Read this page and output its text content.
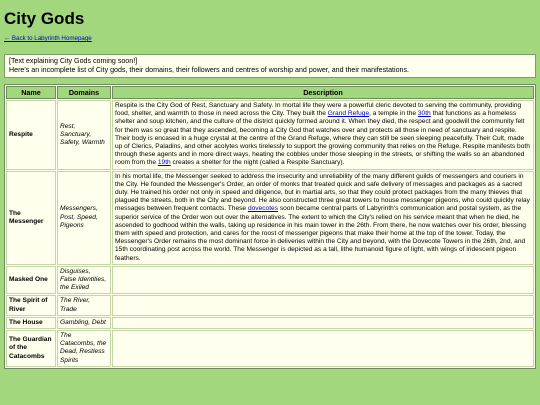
City Gods
← Back to Labyrinth Homepage
[Text explaining City Gods coming soon!]
Here's an incomplete list of City gods, their domains, their followers and centres of worship and power, and their manifestations.
Name	Domains	Description
Respite	Rest, Sanctuary, Safety, Warmth	Respite is the City God of Rest, Sanctuary and Safety. In mortal life they were a powerful cleric devoted to serving the community, providing food, shelter, and warmth to those in need across the City. They built the Grand Refuge, a temple in the 30th that functions as a homeless shelter and soup kitchen, and the culture of the district quickly formed around it. When they died, the respect and goodwill the community felt for them was so great that they ascended, becoming a City God that watches over and protects all those in need of sanctuary and respite. Their body is encased in a huge crystal at the centre of the Grand Refuge, where they can still be seen sleeping peacefully. Their Cult, made up of Clerics, Paladins, and other acolytes works tirelessly to support the growing community that relies on the Refuge. Respite manifests both through these agents and in more direct ways, heating the cobbles under those sleeping in the streets, or shifting the walls so an abandoned room from the 19th creates a shelter for the night (called a Respite Sanctuary).
The Messenger	Messengers, Post, Speed, Pigeons	In his mortal life, the Messenger seeked to address the insecurity and unreliability of the many different guilds of messengers and couriers in the City. He founded the Messenger's Order, an order of monks that treated quick and safe delivery of messages and packages as a sacred duty. He trained his order not only in speed and diligence, but in martial arts, so that they could protect packages from the many thieves that plagued the streets, both in the City and beyond. He also constructed three great towers to house messenger pigeons, who could quickly relay messages between frequent contacts. These dovecotes soon became central parts of Labyrinth's communication and postal system, as the superior service of the Order won out over the alternatives. The extent to which the City's relied on his service meant that when he died, he ascended to godhood within the walls, taking up residence in his main tower in the 26th. From there, he now watches over his order, blessing them with speed and protection, and cares for the roost of messenger pigeons that make their home at the top of the tower. Today, the Messenger's Order remains the most dominant force in deliveries within the City and beyond, with the Dovecote Towers in the 26th, 2nd, and 15th coordinating post across the world. The Messenger is depicted as a tall, lithe humanoid figure of light, with wings of iridescent pigeon feathers.
Masked One	Disguises, False Identities, the Exiled	
The Spirit of River	The River, Trade	
The House	Gambling, Debt	
The Guardian of the Catacombs	The Catacombs, the Dead, Restless Spirits	
